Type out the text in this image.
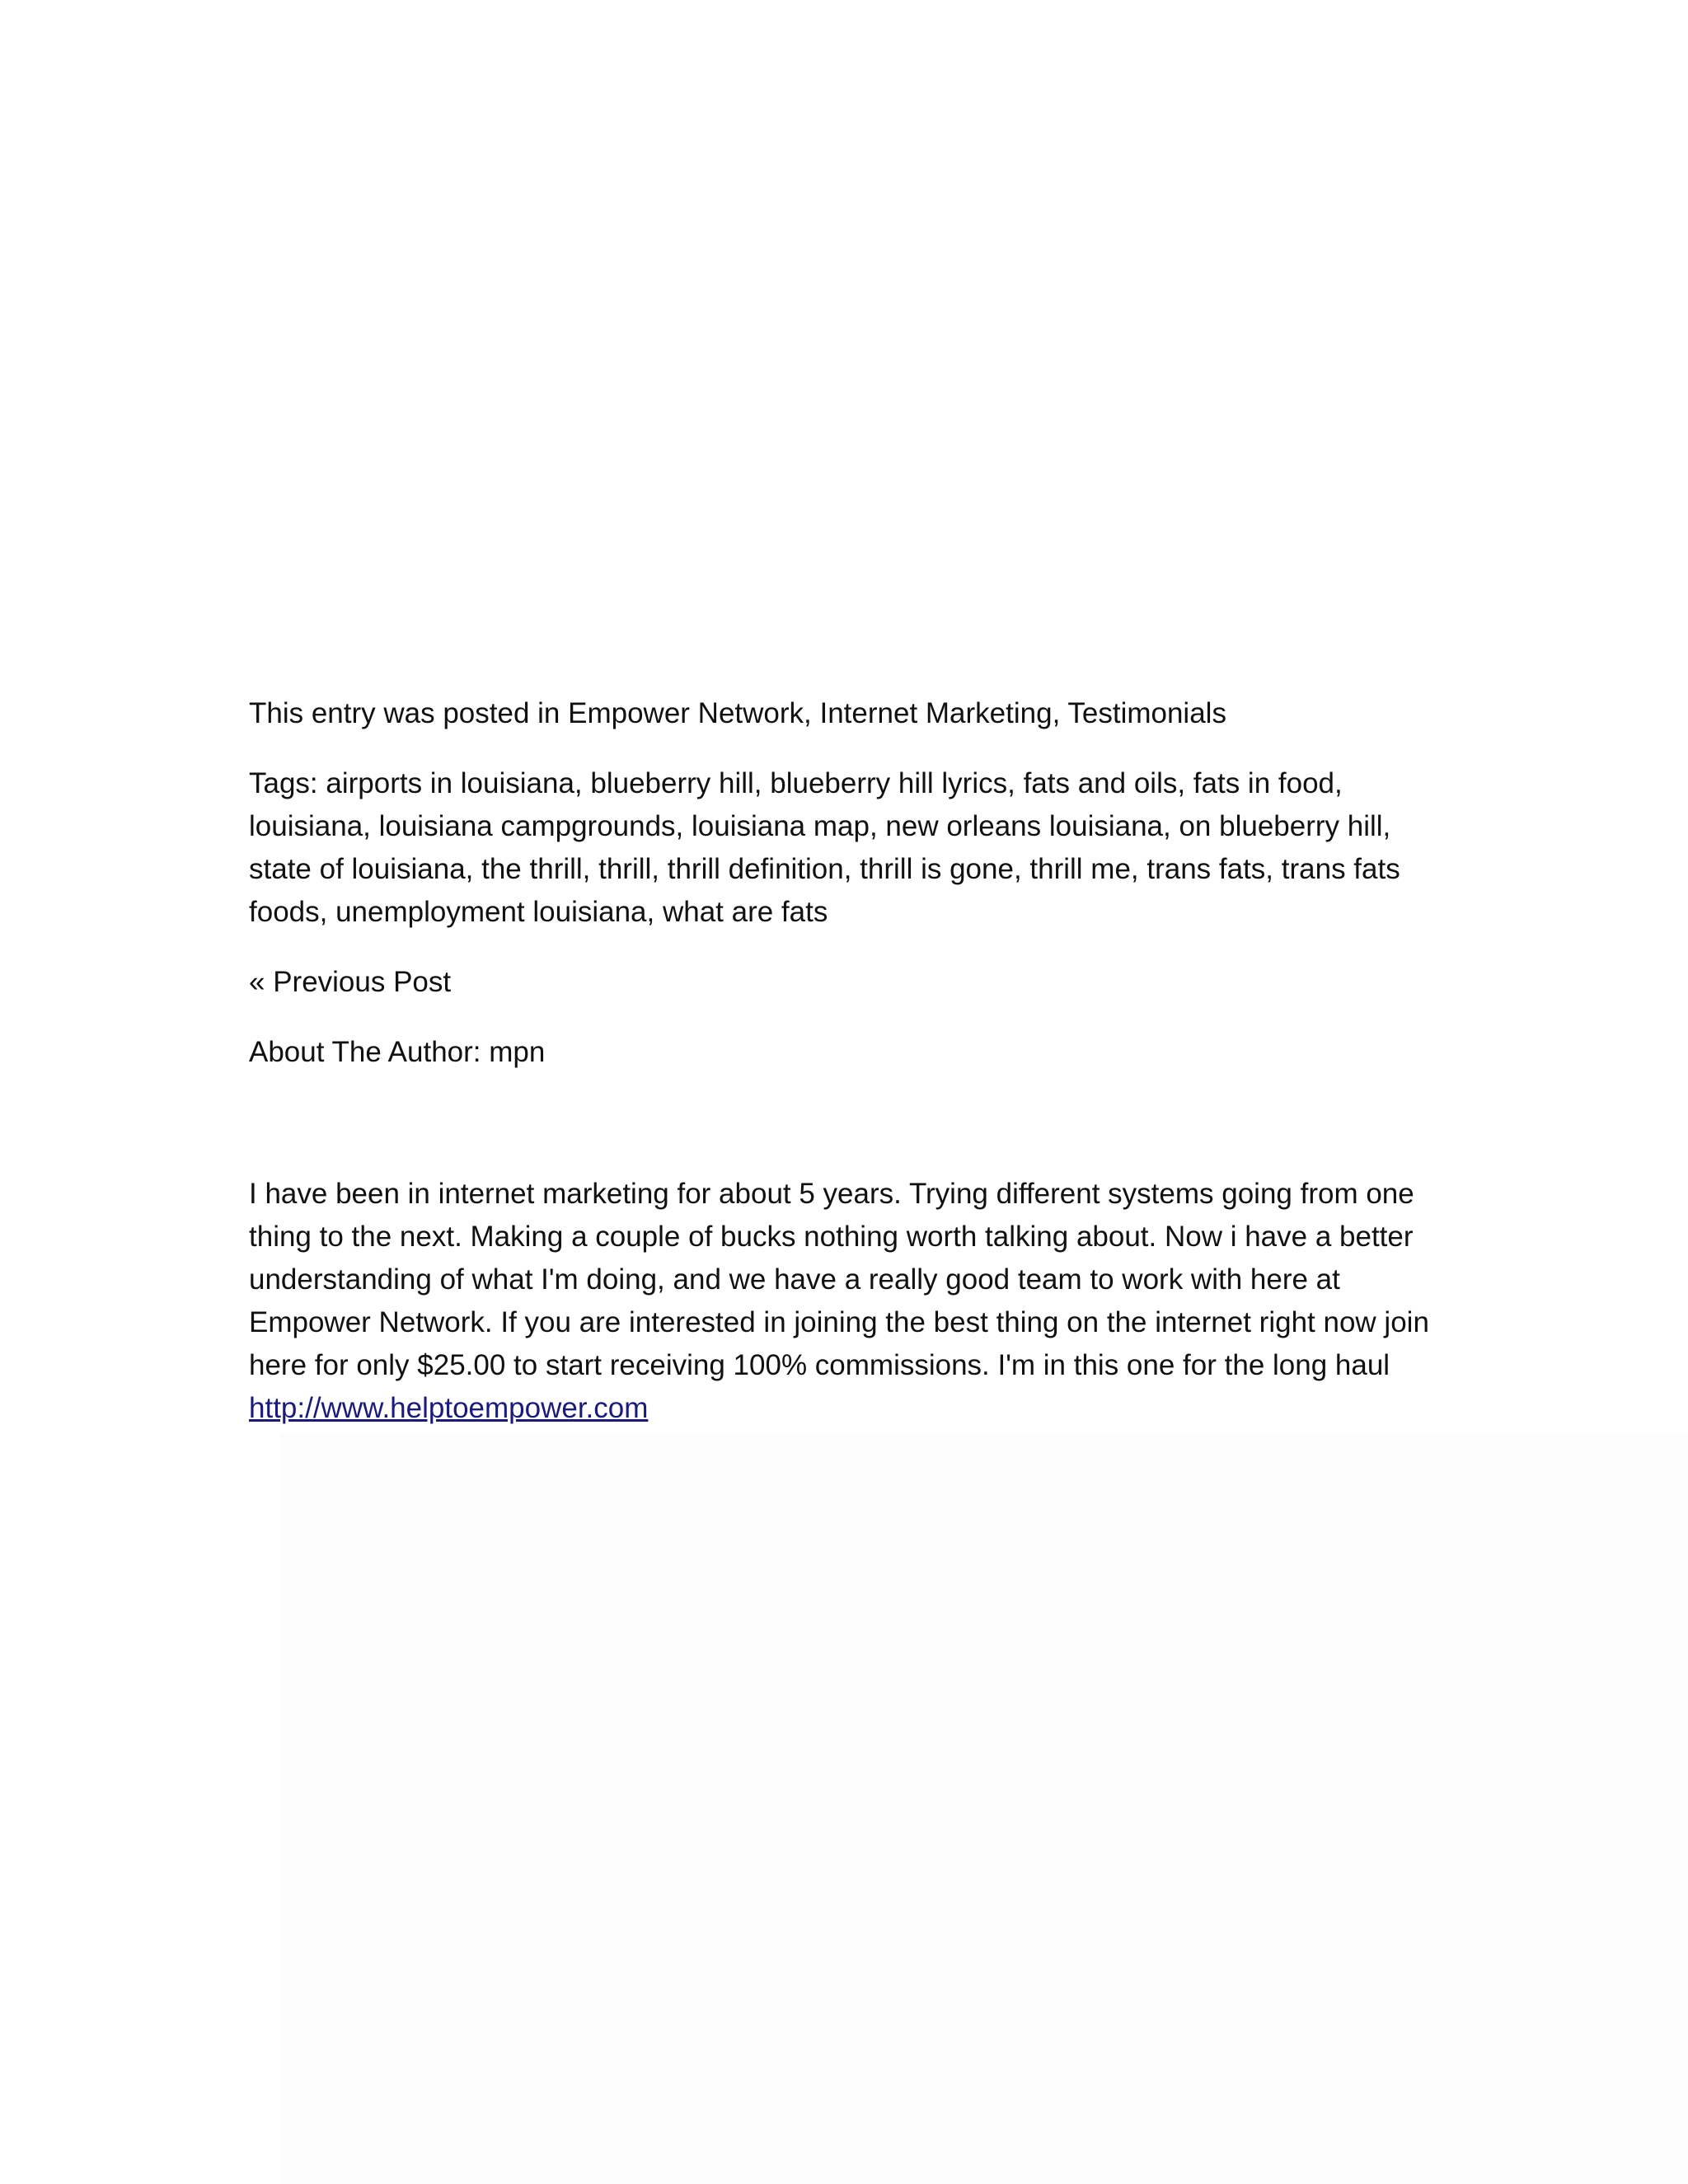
This entry was posted in Empower Network, Internet Marketing, Testimonials

Tags: airports in louisiana, blueberry hill, blueberry hill lyrics, fats and oils, fats in food, louisiana, louisiana campgrounds, louisiana map, new orleans louisiana, on blueberry hill, state of louisiana, the thrill, thrill, thrill definition, thrill is gone, thrill me, trans fats, trans fats foods, unemployment louisiana, what are fats

« Previous Post

About The Author: mpn

I have been in internet marketing for about 5 years. Trying different systems going from one thing to the next. Making a couple of bucks nothing worth talking about. Now i have a better understanding of what I'm doing, and we have a really good team to work with here at Empower Network. If you are interested in joining the best thing on the internet right now join here for only $25.00 to start receiving 100% commissions. I'm in this one for the long haul
http://www.helptoempower.com
